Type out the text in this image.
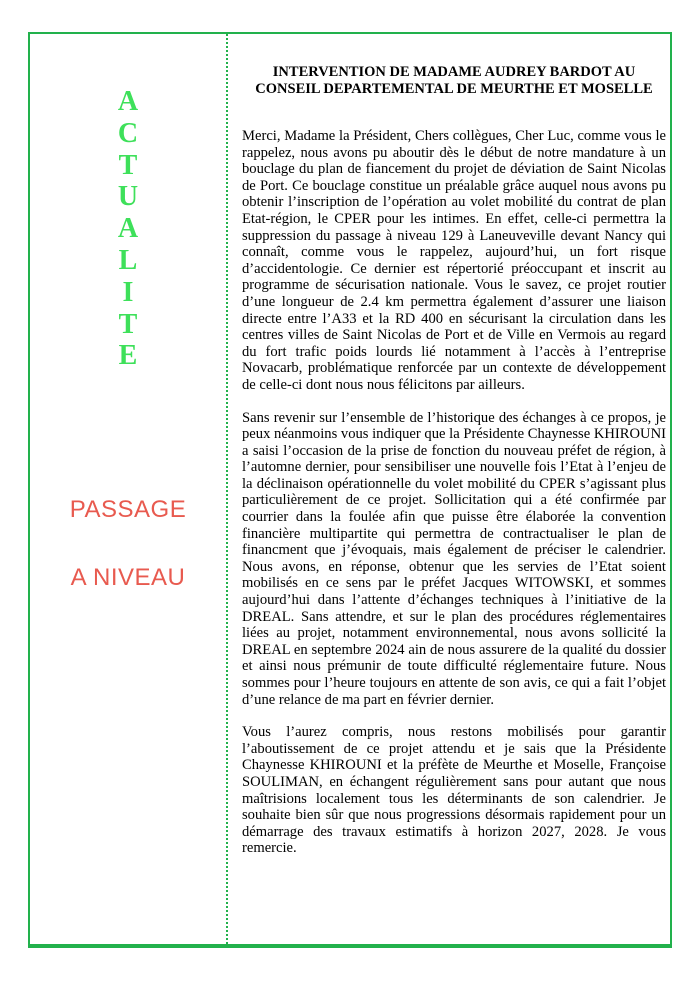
A
C
T
U
A
L
I
T
E
PASSAGE
A NIVEAU
INTERVENTION DE MADAME AUDREY BARDOT AU
CONSEIL DEPARTEMENTAL DE MEURTHE ET MOSELLE

Merci, Madame la Président, Chers collègues, Cher Luc, comme vous le rappelez, nous avons pu aboutir dès le début de notre mandature à un bouclage du plan de fiancement du projet de déviation de Saint Nicolas de Port. Ce bouclage constitue un préalable grâce auquel nous avons pu obtenir l’inscription de l’opération au volet mobilité du contrat de plan Etat-région, le CPER pour les intimes. En effet, celle-ci permettra la suppression du passage à niveau 129 à Laneuveville devant Nancy qui connaît, comme vous le rappelez, aujourd’hui, un fort risque d’accidentologie. Ce dernier est répertorié préoccupant et inscrit au programme de sécurisation nationale. Vous le savez, ce projet routier d’une longueur de 2.4 km permettra également d’assurer une liaison directe entre l’A33 et la RD 400 en sécurisant la circulation dans les centres villes de Saint Nicolas de Port et de Ville en Vermois au regard du fort trafic poids lourds lié notamment à l’accès à l’entreprise Novacarb, problématique renforcée par un contexte de développement de celle-ci dont nous nous félicitons par ailleurs.

Sans revenir sur l’ensemble de l’historique des échanges à ce propos, je peux néanmoins vous indiquer que la Présidente Chaynesse KHIROUNI a saisi l’occasion de la prise de fonction du nouveau préfet de région, à l’automne dernier, pour sensibiliser une nouvelle fois l’Etat à l’enjeu de la déclinaison opérationnelle du volet mobilité du CPER s’agissant plus particulièrement de ce projet. Sollicitation qui a été confirmée par courrier dans la foulée afin que puisse être élaborée la convention financière multipartite qui permettra de contractualiser le plan de financment que j’évoquais, mais également de préciser le calendrier. Nous avons, en réponse, obtenur que les servies de l’Etat soient mobilisés en ce sens par le préfet Jacques WITOWSKI, et sommes aujourd’hui dans l’attente d’échanges techniques à l’initiative de la DREAL. Sans attendre, et sur le plan des procédures réglementaires liées au projet, notamment environnemental, nous avons sollicité la DREAL en septembre 2024 ain de nous assurere de la qualité du dossier et ainsi nous prémunir de toute difficulté réglementaire future. Nous sommes pour l’heure toujours en attente de son avis, ce qui a fait l’objet d’une relance de ma part en février dernier.

Vous l’aurez compris, nous restons mobilisés pour garantir l’aboutissement de ce projet attendu et je sais que la Présidente Chaynesse KHIROUNI et la préfète de Meurthe et Moselle, Françoise SOULIMAN, en échangent régulièrement sans pour autant que nous maîtrisions localement tous les déterminants de son calendrier. Je souhaite bien sûr que nous progressions désormais rapidement pour un démarrage des travaux estimatifs à horizon 2027, 2028. Je vous remercie.
